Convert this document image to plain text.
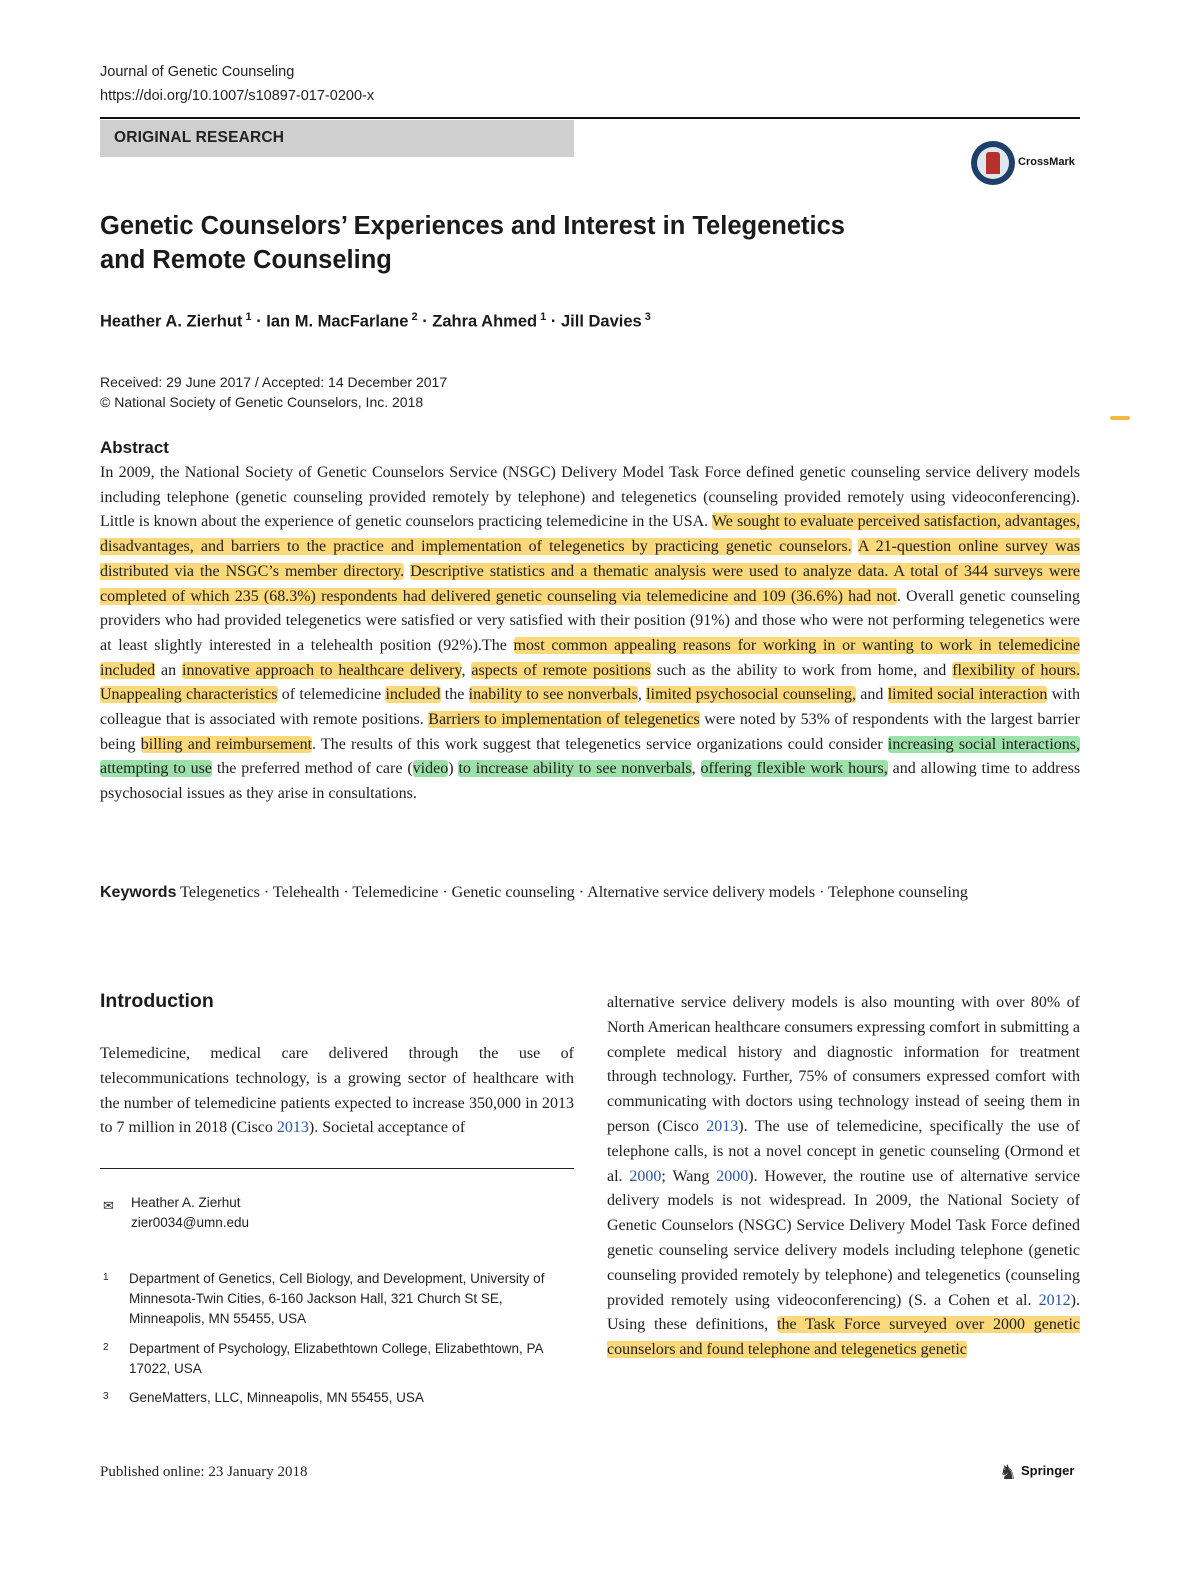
Journal of Genetic Counseling
https://doi.org/10.1007/s10897-017-0200-x
ORIGINAL RESEARCH
CrossMark
Genetic Counselors’ Experiences and Interest in Telegenetics
and Remote Counseling
Heather A. Zierhut $^1$ · Ian M. MacFarlane $^2$ · Zahra Ahmed $^1$ · Jill Davies $^3$
Received: 29 June 2017 / Accepted: 14 December 2017
© National Society of Genetic Counselors, Inc. 2018
Abstract
In 2009, the National Society of Genetic Counselors Service (NSGC) Delivery Model Task Force defined genetic counseling service delivery models including telephone (genetic counseling provided remotely by telephone) and telegenetics (counseling provided remotely using videoconferencing). Little is known about the experience of genetic counselors practicing telemedicine in the USA. We sought to evaluate perceived satisfaction, advantages, disadvantages, and barriers to the practice and implementation of telegenetics by practicing genetic counselors. A 21-question online survey was distributed via the NSGC’s member directory. Descriptive statistics and a thematic analysis were used to analyze data. A total of 344 surveys were completed of which 235 (68.3%) respondents had delivered genetic counseling via telemedicine and 109 (36.6%) had not. Overall genetic counseling providers who had provided telegenetics were satisfied or very satisfied with their position (91%) and those who were not performing telegenetics were at least slightly interested in a telehealth position (92%).The most common appealing reasons for working in or wanting to work in telemedicine included an innovative approach to healthcare delivery, aspects of remote positions such as the ability to work from home, and flexibility of hours. Unappealing characteristics of telemedicine included the inability to see nonverbals, limited psychosocial counseling, and limited social interaction with colleague that is associated with remote positions. Barriers to implementation of telegenetics were noted by 53% of respondents with the largest barrier being billing and reimbursement. The results of this work suggest that telegenetics service organizations could consider increasing social interactions, attempting to use the preferred method of care (video) to increase ability to see nonverbals, offering flexible work hours, and allowing time to address psychosocial issues as they arise in consultations.
Keywords Telegenetics · Telehealth · Telemedicine · Genetic counseling · Alternative service delivery models · Telephone counseling
Introduction
Telemedicine, medical care delivered through the use of telecommunications technology, is a growing sector of healthcare with the number of telemedicine patients expected to increase 350,000 in 2013 to 7 million in 2018 (Cisco 2013). Societal acceptance of
alternative service delivery models is also mounting with over 80% of North American healthcare consumers expressing comfort in submitting a complete medical history and diagnostic information for treatment through technology. Further, 75% of consumers expressed comfort with communicating with doctors using technology instead of seeing them in person (Cisco 2013). The use of telemedicine, specifically the use of telephone calls, is not a novel concept in genetic counseling (Ormond et al. 2000; Wang 2000). However, the routine use of alternative service delivery models is not widespread. In 2009, the National Society of Genetic Counselors (NSGC) Service Delivery Model Task Force defined genetic counseling service delivery models including telephone (genetic counseling provided remotely by telephone) and telegenetics (counseling provided remotely using videoconferencing) (S. a Cohen et al. 2012). Using these definitions, the Task Force surveyed over 2000 genetic counselors and found telephone and telegenetics genetic
✉ Heather A. Zierhut
zier0034@umn.edu
1 Department of Genetics, Cell Biology, and Development, University of Minnesota-Twin Cities, 6-160 Jackson Hall, 321 Church St SE, Minneapolis, MN 55455, USA
2 Department of Psychology, Elizabethtown College, Elizabethtown, PA 17022, USA
3 GeneMatters, LLC, Minneapolis, MN 55455, USA
Published online: 23 January 2018	♞ Springer
